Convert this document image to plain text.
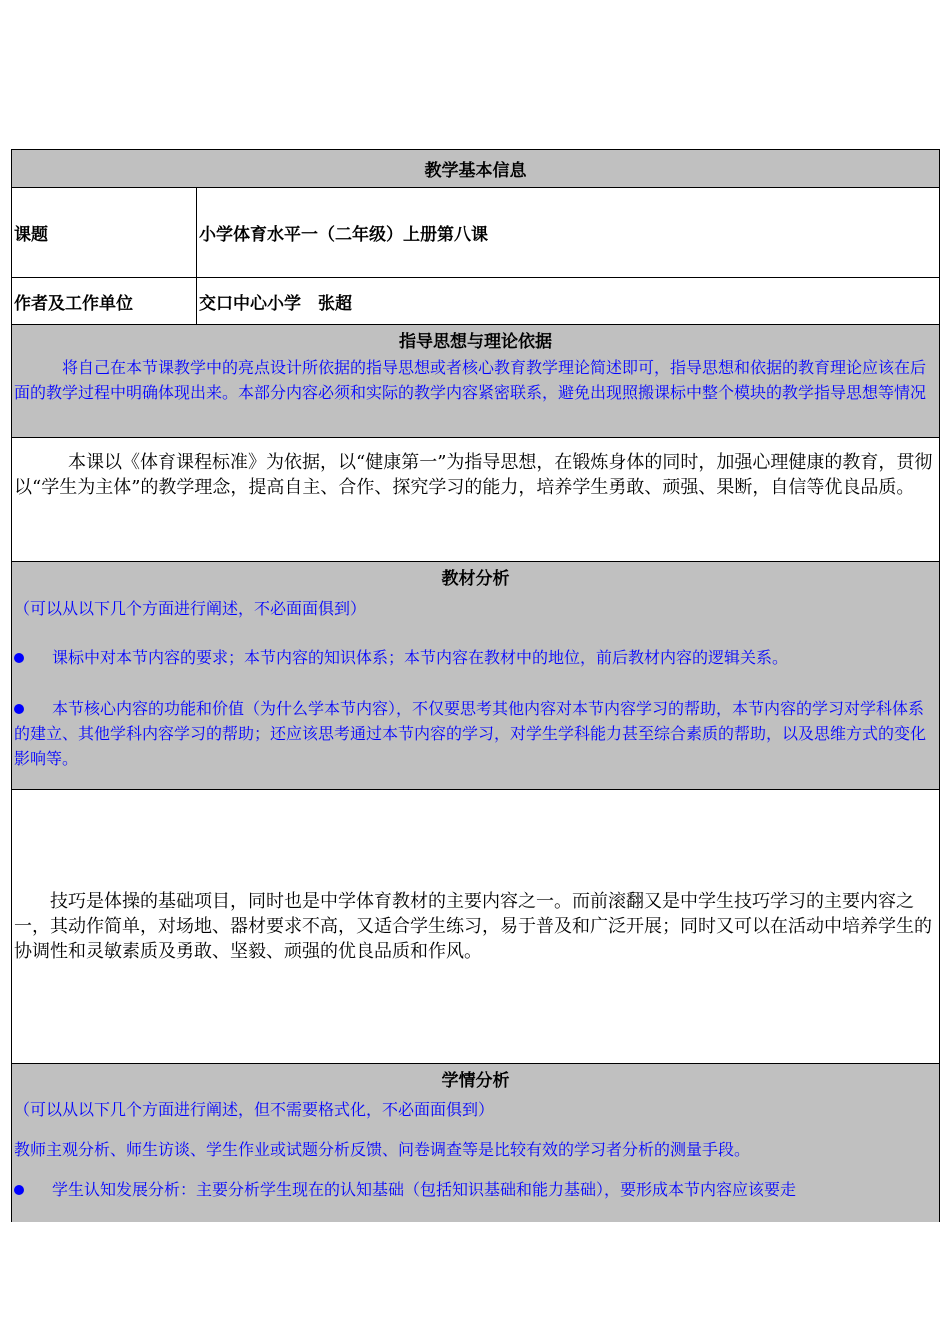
教学基本信息	
课题	小学体育水平一（二年级）上册第八课
作者及工作单位	交口中心小学　张超
指导思想与理论依据	

将自己在本节课教学中的亮点设计所依据的指导思想或者核心教育教学理论简述即可，指导思想和依据的教育理论应该在后面的教学过程中明确体现出来。本部分内容必须和实际的教学内容紧密联系，避免出现照搬课标中整个模块的教学指导思想等情况	

本课以《体育课程标准》为依据，以“健康第一”为指导思想，在锻炼身体的同时，加强心理健康的教育，贯彻以“学生为主体”的教学理念，提高自主、合作、探究学习的能力，培养学生勇敢、顽强、果断，自信等优良品质。	

教材分析	

（可以从以下几个方面进行阐述，不必面面俱到）

课标中对本节内容的要求；本节内容的知识体系；本节内容在教材中的地位，前后教材内容的逻辑关系。

本节核心内容的功能和价值（为什么学本节内容），不仅要思考其他内容对本节内容学习的帮助，本节内容的学习对学科体系的建立、其他学科内容学习的帮助；还应该思考通过本节内容的学习，对学生学科能力甚至综合素质的帮助，以及思维方式的变化影响等。	

技巧是体操的基础项目，同时也是中学体育教材的主要内容之一。而前滚翻又是中学生技巧学习的主要内容之一，其动作简单，对场地、器材要求不高，又适合学生练习，易于普及和广泛开展；同时又可以在活动中培养学生的协调性和灵敏素质及勇敢、坚毅、顽强的优良品质和作风。	

学情分析	

（可以从以下几个方面进行阐述，但不需要格式化，不必面面俱到）

教师主观分析、师生访谈、学生作业或试题分析反馈、问卷调查等是比较有效的学习者分析的测量手段。

学生认知发展分析：主要分析学生现在的认知基础（包括知识基础和能力基础），要形成本节内容应该要走	
